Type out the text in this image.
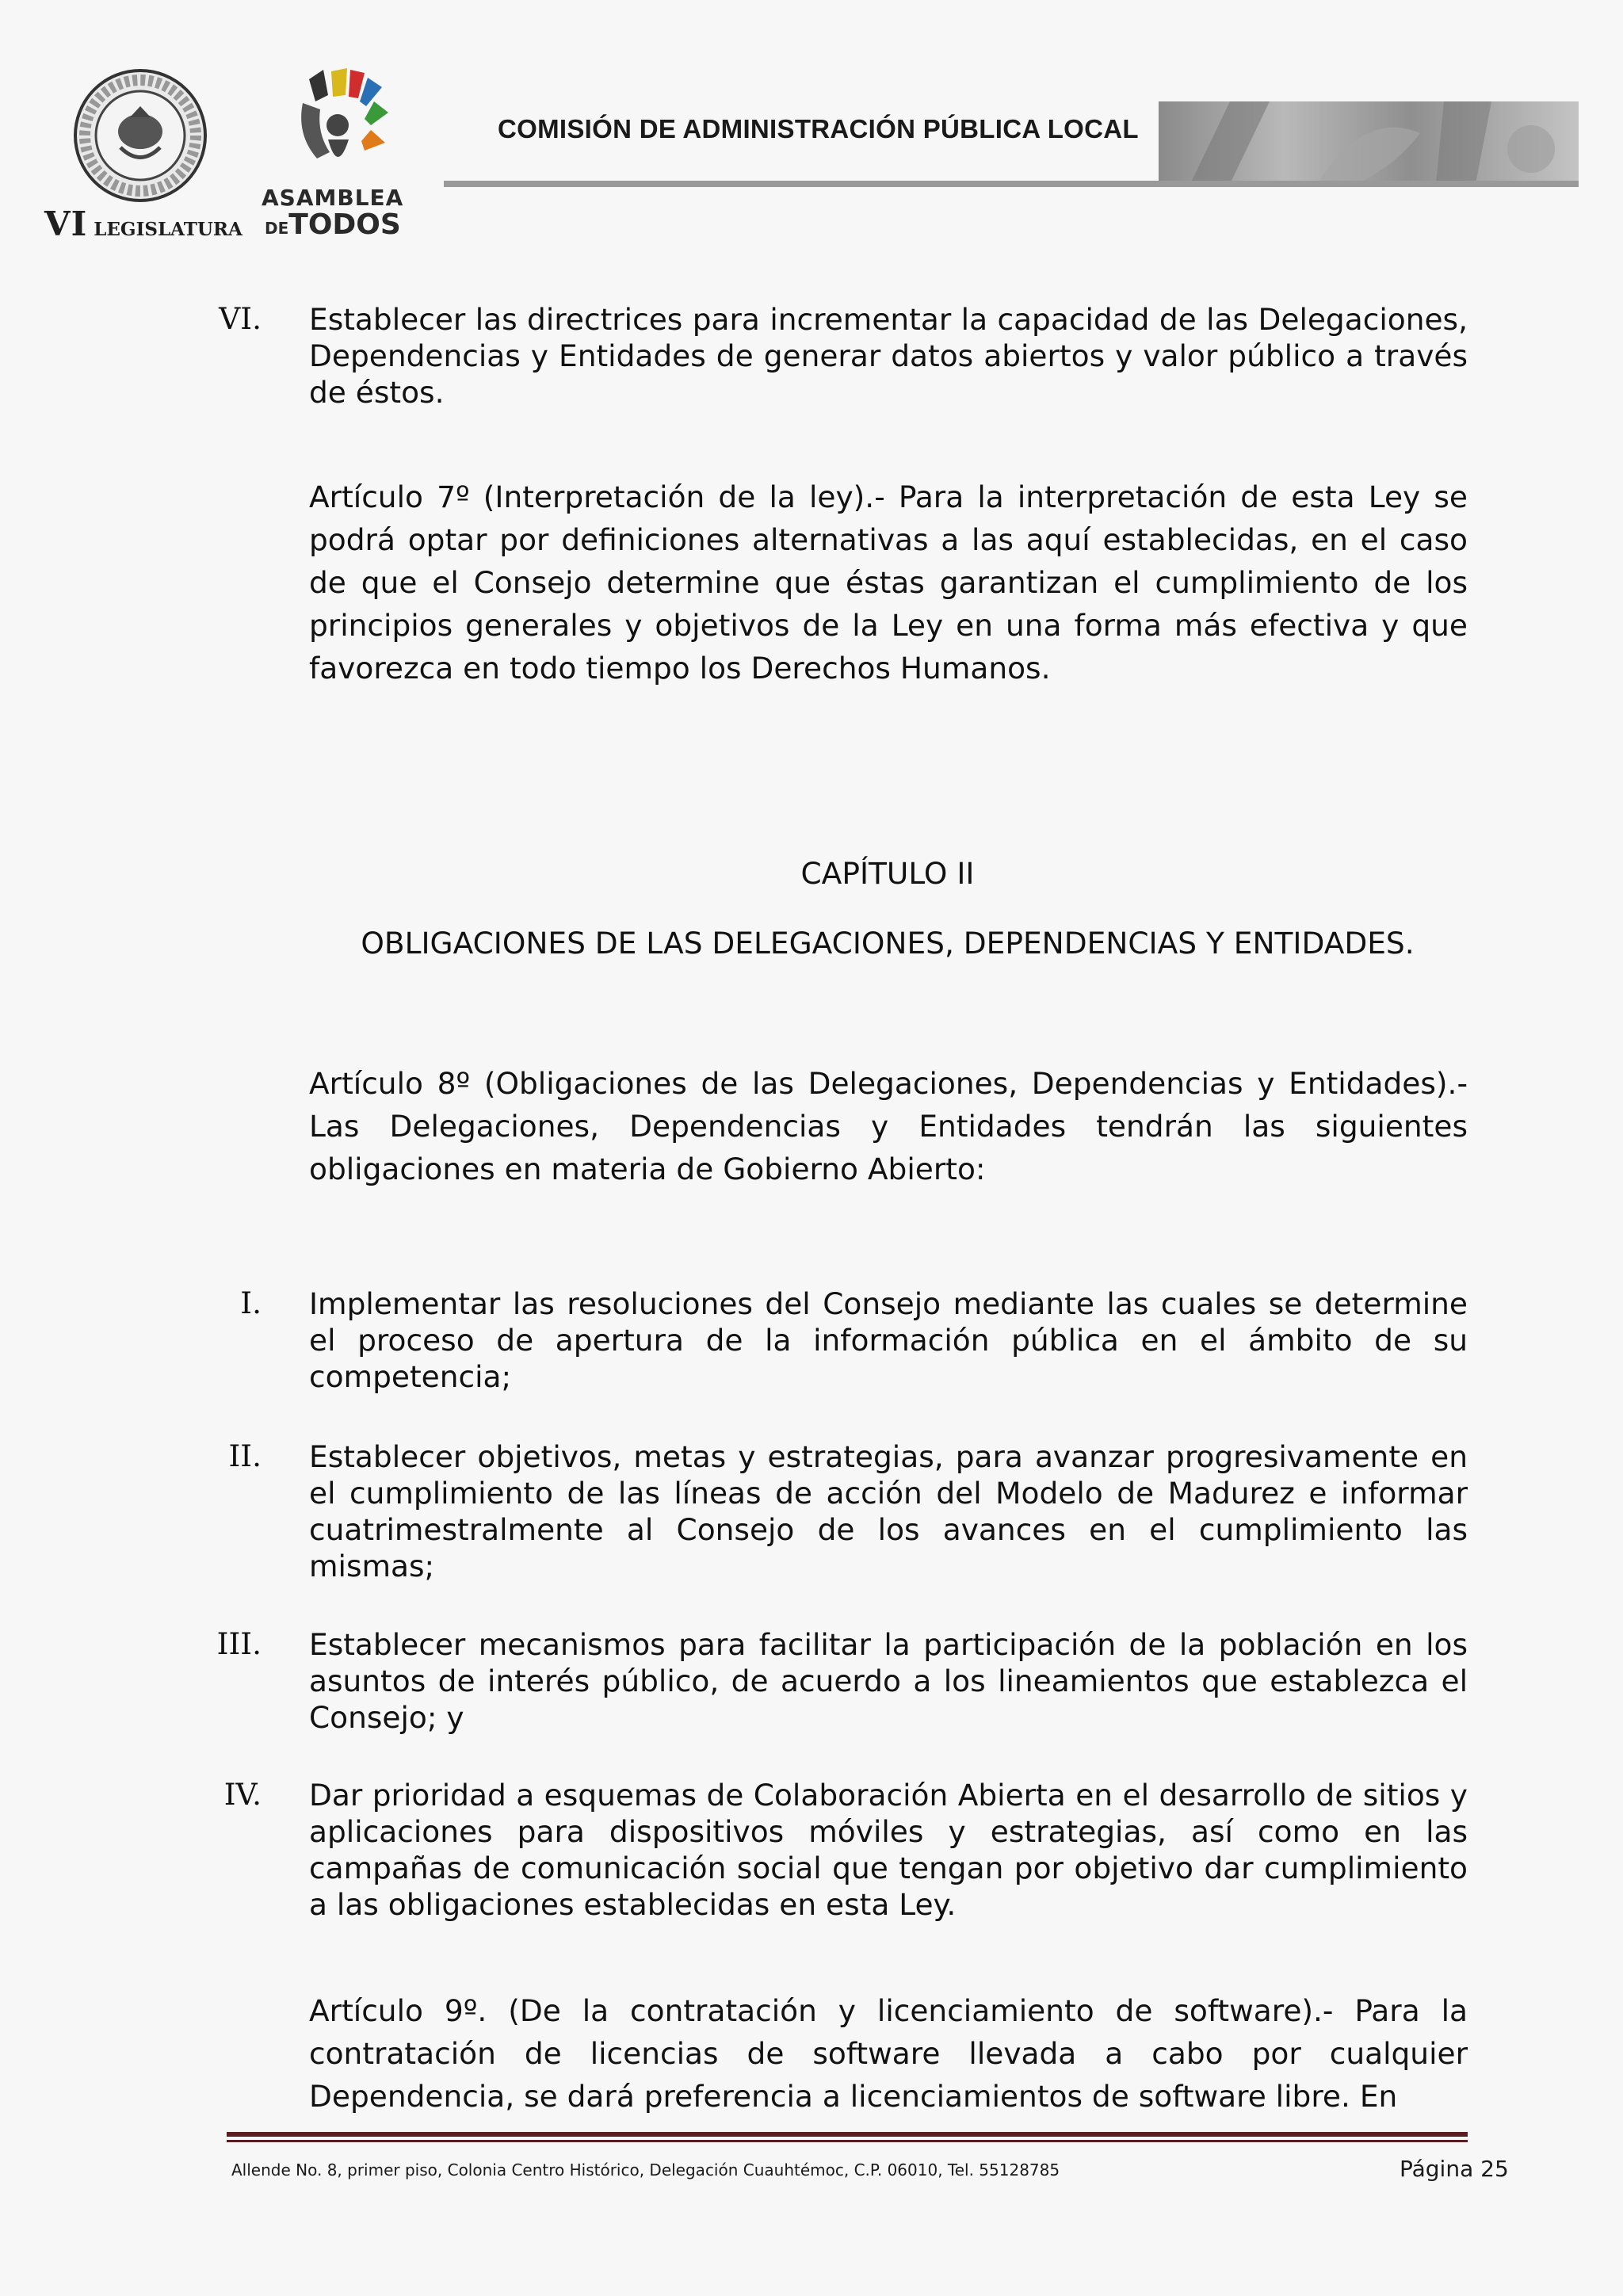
VI LEGISLATURA
ASAMBLEA
DETODOS
COMISIÓN DE ADMINISTRACIÓN PÚBLICA LOCAL
VI. Establecer las directrices para incrementar la capacidad de las Delegaciones, Dependencias y Entidades de generar datos abiertos y valor público a través de éstos.
Artículo 7º (Interpretación de la ley).- Para la interpretación de esta Ley se podrá optar por definiciones alternativas a las aquí establecidas, en el caso de que el Consejo determine que éstas garantizan el cumplimiento de los principios generales y objetivos de la Ley en una forma más efectiva y que favorezca en todo tiempo los Derechos Humanos.
CAPÍTULO II
OBLIGACIONES DE LAS DELEGACIONES, DEPENDENCIAS Y ENTIDADES.
Artículo 8º (Obligaciones de las Delegaciones, Dependencias y Entidades).- Las Delegaciones, Dependencias y Entidades tendrán las siguientes obligaciones en materia de Gobierno Abierto:
I. Implementar las resoluciones del Consejo mediante las cuales se determine el proceso de apertura de la información pública en el ámbito de su competencia;
II. Establecer objetivos, metas y estrategias, para avanzar progresivamente en el cumplimiento de las líneas de acción del Modelo de Madurez e informar cuatrimestralmente al Consejo de los avances en el cumplimiento las mismas;
III. Establecer mecanismos para facilitar la participación de la población en los asuntos de interés público, de acuerdo a los lineamientos que establezca el Consejo; y
IV. Dar prioridad a esquemas de Colaboración Abierta en el desarrollo de sitios y aplicaciones para dispositivos móviles y estrategias, así como en las campañas de comunicación social que tengan por objetivo dar cumplimiento a las obligaciones establecidas en esta Ley.
Artículo 9º. (De la contratación y licenciamiento de software).- Para la contratación de licencias de software llevada a cabo por cualquier Dependencia, se dará preferencia a licenciamientos de software libre. En
Allende No. 8, primer piso, Colonia Centro Histórico, Delegación Cuauhtémoc, C.P. 06010, Tel. 55128785	Página 25
